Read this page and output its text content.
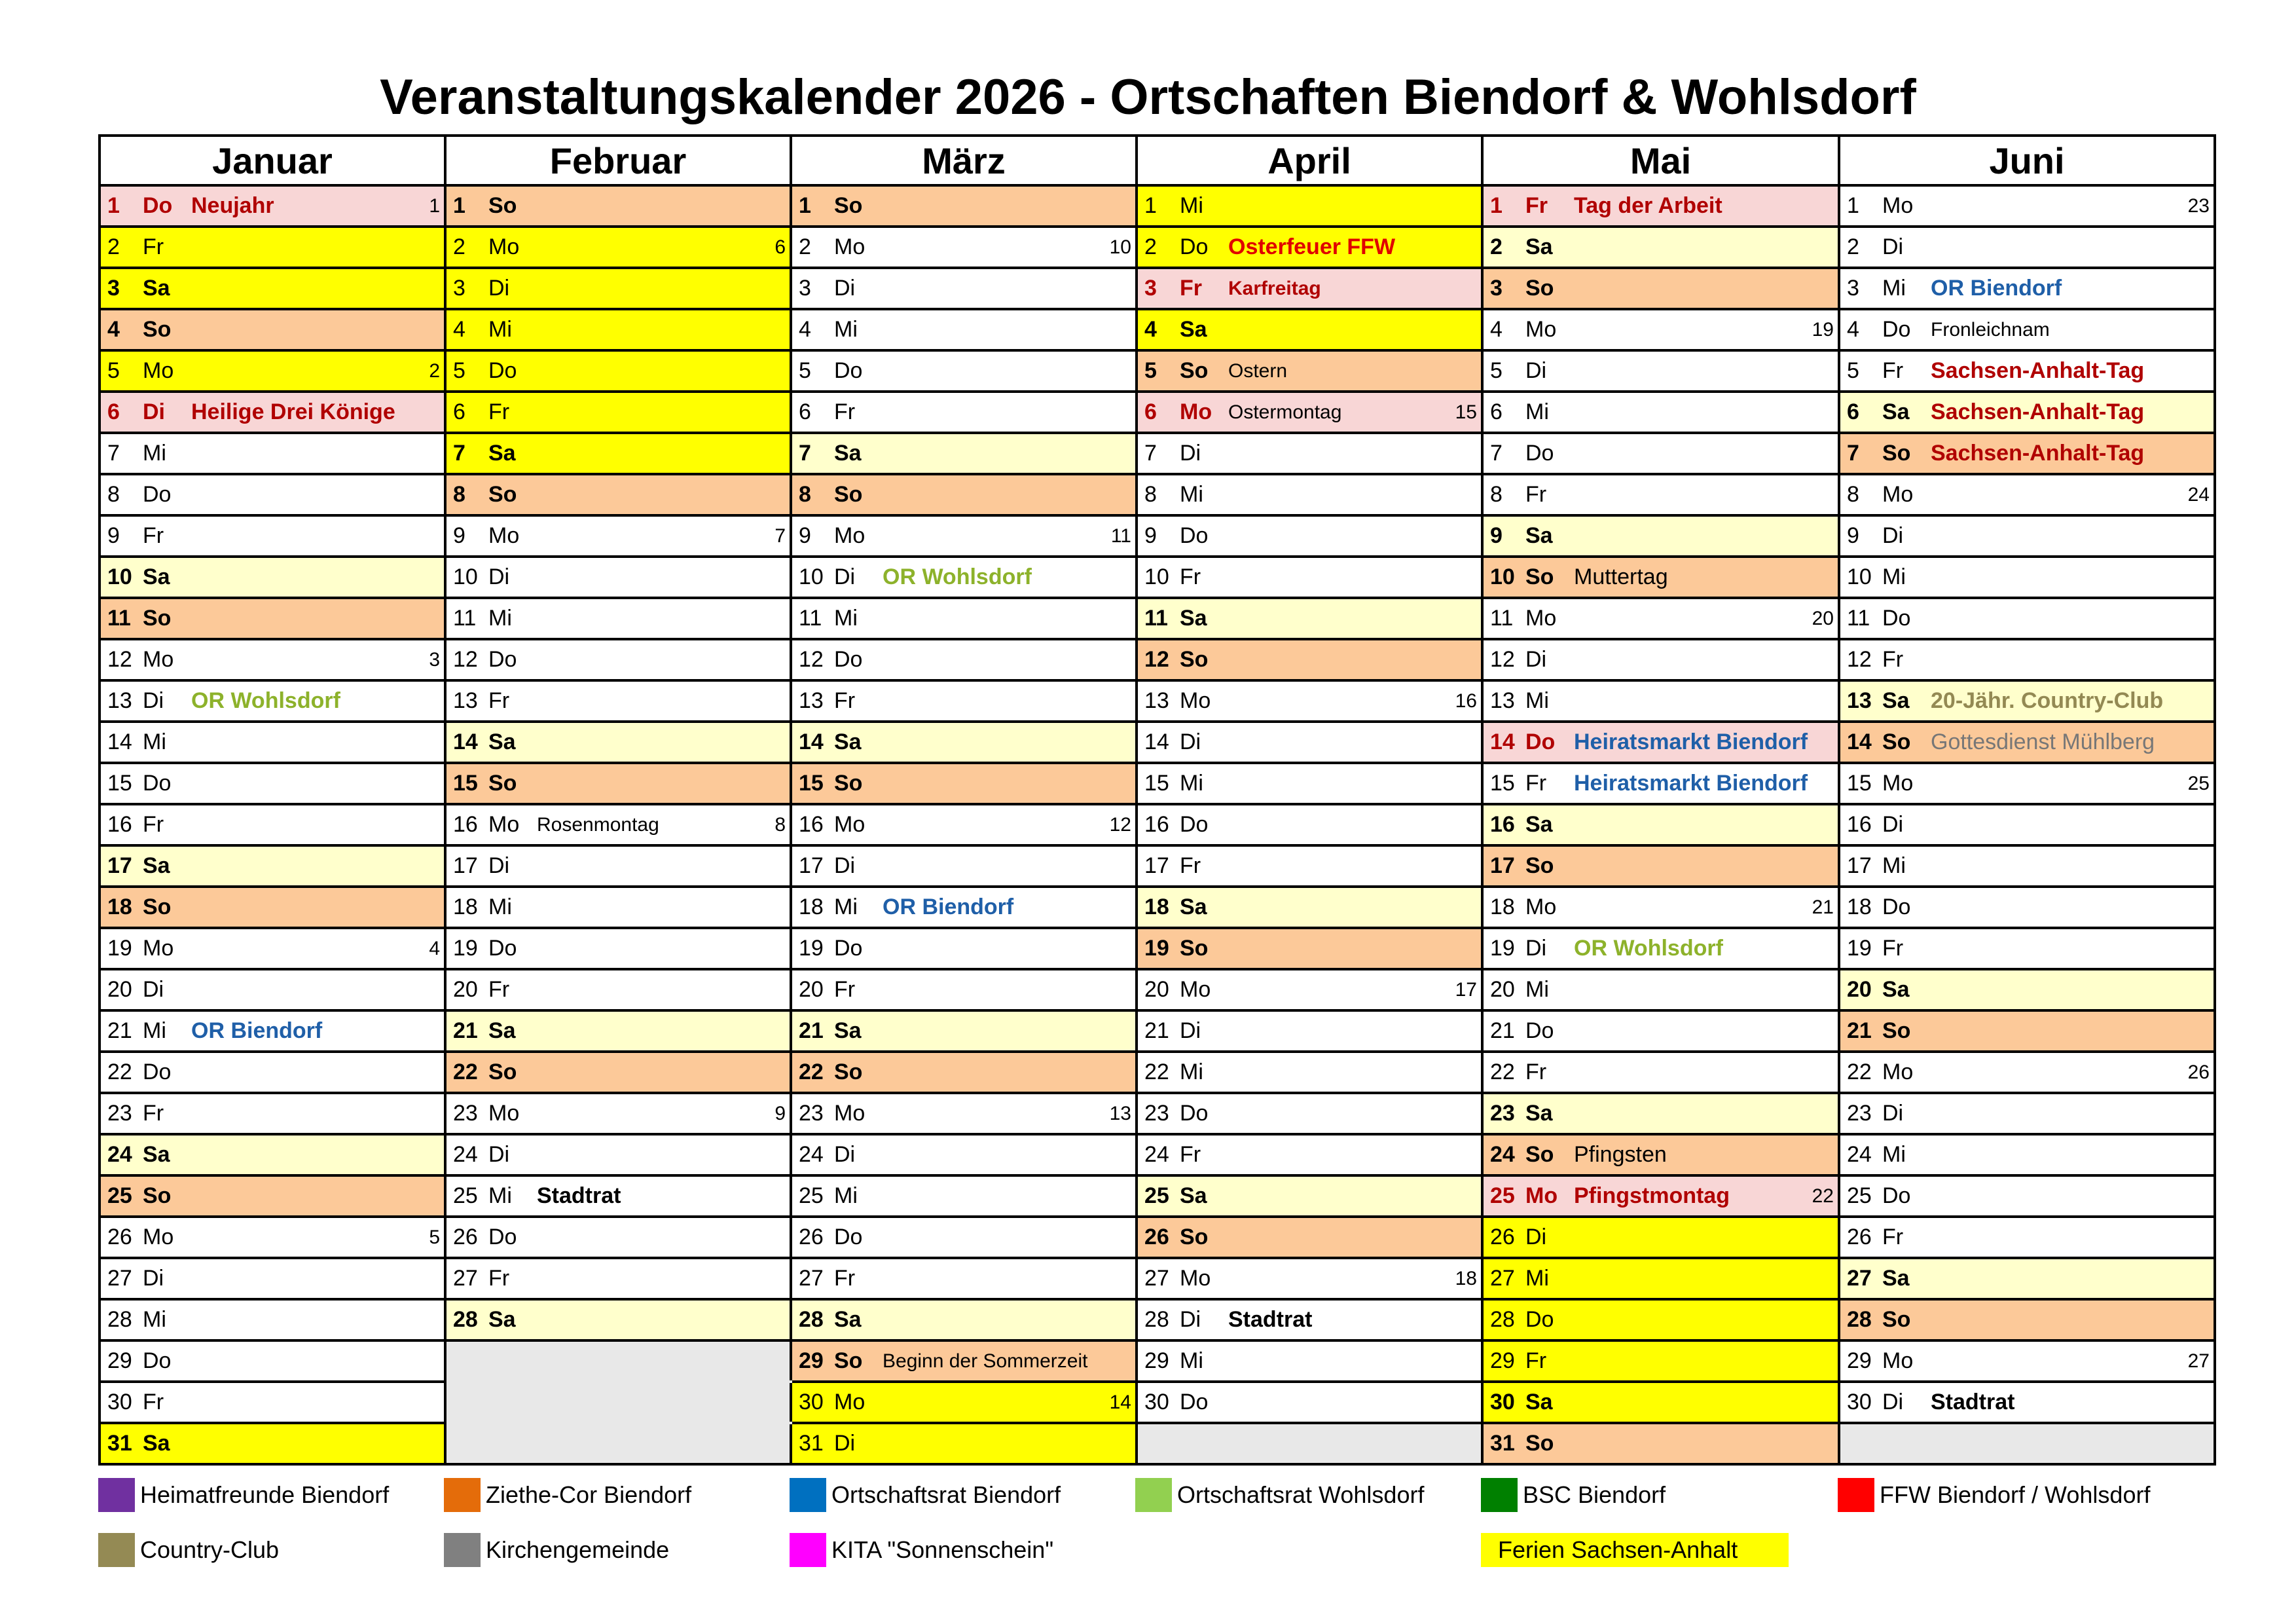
Veranstaltungskalender 2026 - Ortschaften Biendorf & Wohlsdorf
Januar	Februar	März	April	Mai	Juni

1 Do Neujahr 1	1 So	1 So	1 Mi	1 Fr Tag der Arbeit	1 Mo 23

2 Fr	2 Mo 6	2 Mo 10	2 Do Osterfeuer FFW	2 Sa	2 Di

3 Sa	3 Di	3 Di	3 Fr Karfreitag	3 So	3 Mi OR Biendorf

4 So	4 Mi	4 Mi	4 Sa	4 Mo 19	4 Do Fronleichnam

5 Mo 2	5 Do	5 Do	5 So Ostern	5 Di	5 Fr Sachsen-Anhalt-Tag

6 Di Heilige Drei Könige	6 Fr	6 Fr	6 Mo Ostermontag 15	6 Mi	6 Sa Sachsen-Anhalt-Tag

7 Mi	7 Sa	7 Sa	7 Di	7 Do	7 So Sachsen-Anhalt-Tag

8 Do	8 So	8 So	8 Mi	8 Fr	8 Mo 24

9 Fr	9 Mo 7	9 Mo 11	9 Do	9 Sa	9 Di

10 Sa	10 Di	10 Di OR Wohlsdorf	10 Fr	10 So Muttertag	10 Mi

11 So	11 Mi	11 Mi	11 Sa	11 Mo 20	11 Do

12 Mo 3	12 Do	12 Do	12 So	12 Di	12 Fr

13 Di OR Wohlsdorf	13 Fr	13 Fr	13 Mo 16	13 Mi	13 Sa 20-Jähr. Country-Club

14 Mi	14 Sa	14 Sa	14 Di	14 Do Heiratsmarkt Biendorf	14 So Gottesdienst Mühlberg

15 Do	15 So	15 So	15 Mi	15 Fr Heiratsmarkt Biendorf	15 Mo 25

16 Fr	16 Mo Rosenmontag 8	16 Mo 12	16 Do	16 Sa	16 Di

17 Sa	17 Di	17 Di	17 Fr	17 So	17 Mi

18 So	18 Mi	18 Mi OR Biendorf	18 Sa	18 Mo 21	18 Do

19 Mo 4	19 Do	19 Do	19 So	19 Di OR Wohlsdorf	19 Fr

20 Di	20 Fr	20 Fr	20 Mo 17	20 Mi	20 Sa

21 Mi OR Biendorf	21 Sa	21 Sa	21 Di	21 Do	21 So

22 Do	22 So	22 So	22 Mi	22 Fr	22 Mo 26

23 Fr	23 Mo 9	23 Mo 13	23 Do	23 Sa	23 Di

24 Sa	24 Di	24 Di	24 Fr	24 So Pfingsten	24 Mi

25 So	25 Mi Stadtrat	25 Mi	25 Sa	25 Mo Pfingstmontag 22	25 Do

26 Mo 5	26 Do	26 Do	26 So	26 Di	26 Fr

27 Di	27 Fr	27 Fr	27 Mo 18	27 Mi	27 Sa

28 Mi	28 Sa	28 Sa	28 Di Stadtrat	28 Do	28 So

29 Do		29 So Beginn der Sommerzeit	29 Mi	29 Fr	29 Mo 27

30 Fr		30 Mo 14	30 Do	30 Sa	30 Di Stadtrat

31 Sa		31 Di		31 So	

Heimatfreunde Biendorf	Ziethe-Cor Biendorf	Ortschaftsrat Biendorf	Ortschaftsrat Wohlsdorf	BSC Biendorf	FFW Biendorf / Wohlsdorf
Country-Club	Kirchengemeinde	KITA "Sonnenschein"	Ferien Sachsen-Anhalt
